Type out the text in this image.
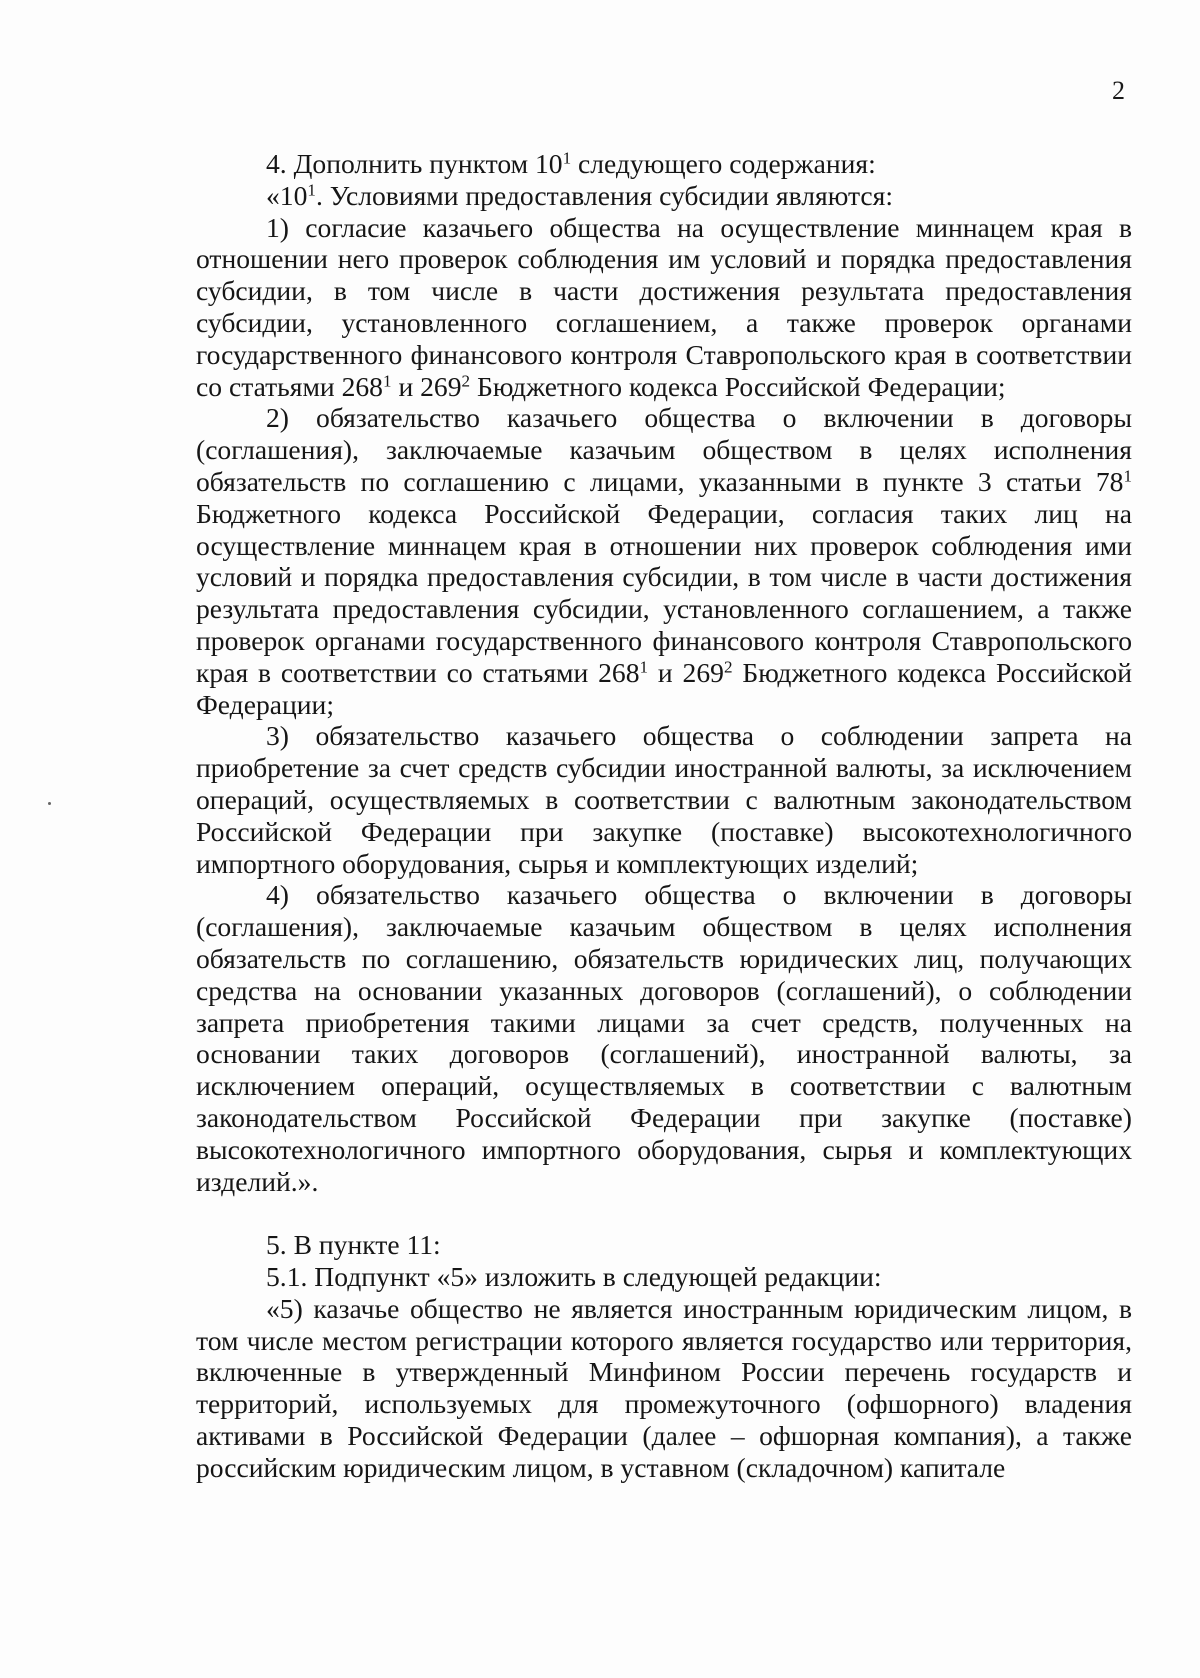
2

4. Дополнить пунктом $10^1$ следующего содержания:

«$10^1$. Условиями предоставления субсидии являются:

1) согласие казачьего общества на осуществление миннацем края в отношении него проверок соблюдения им условий и порядка предоставления субсидии, в том числе в части достижения результата предоставления субсидии, установленного соглашением, а также проверок органами государственного финансового контроля Ставропольского края в соответствии со статьями $268^1$ и $269^2$ Бюджетного кодекса Российской Федерации;

2) обязательство казачьего общества о включении в договоры (соглашения), заключаемые казачьим обществом в целях исполнения обязательств по соглашению с лицами, указанными в пункте 3 статьи $78^1$ Бюджетного кодекса Российской Федерации, согласия таких лиц на осуществление миннацем края в отношении них проверок соблюдения ими условий и порядка предоставления субсидии, в том числе в части достижения результата предоставления субсидии, установленного соглашением, а также проверок органами государственного финансового контроля Ставропольского края в соответствии со статьями $268^1$ и $269^2$ Бюджетного кодекса Российской Федерации;

3) обязательство казачьего общества о соблюдении запрета на приобретение за счет средств субсидии иностранной валюты, за исключением операций, осуществляемых в соответствии с валютным законодательством Российской Федерации при закупке (поставке) высокотехнологичного импортного оборудования, сырья и комплектующих изделий;

4) обязательство казачьего общества о включении в договоры (соглашения), заключаемые казачьим обществом в целях исполнения обязательств по соглашению, обязательств юридических лиц, получающих средства на основании указанных договоров (соглашений), о соблюдении запрета приобретения такими лицами за счет средств, полученных на основании таких договоров (соглашений), иностранной валюты, за исключением операций, осуществляемых в соответствии с валютным законодательством Российской Федерации при закупке (поставке) высокотехнологичного импортного оборудования, сырья и комплектующих изделий.».

5. В пункте 11:

5.1. Подпункт «5» изложить в следующей редакции:

«5) казачье общество не является иностранным юридическим лицом, в том числе местом регистрации которого является государство или территория, включенные в утвержденный Минфином России перечень государств и территорий, используемых для промежуточного (офшорного) владения активами в Российской Федерации (далее – офшорная компания), а также российским юридическим лицом, в уставном (складочном) капитале
